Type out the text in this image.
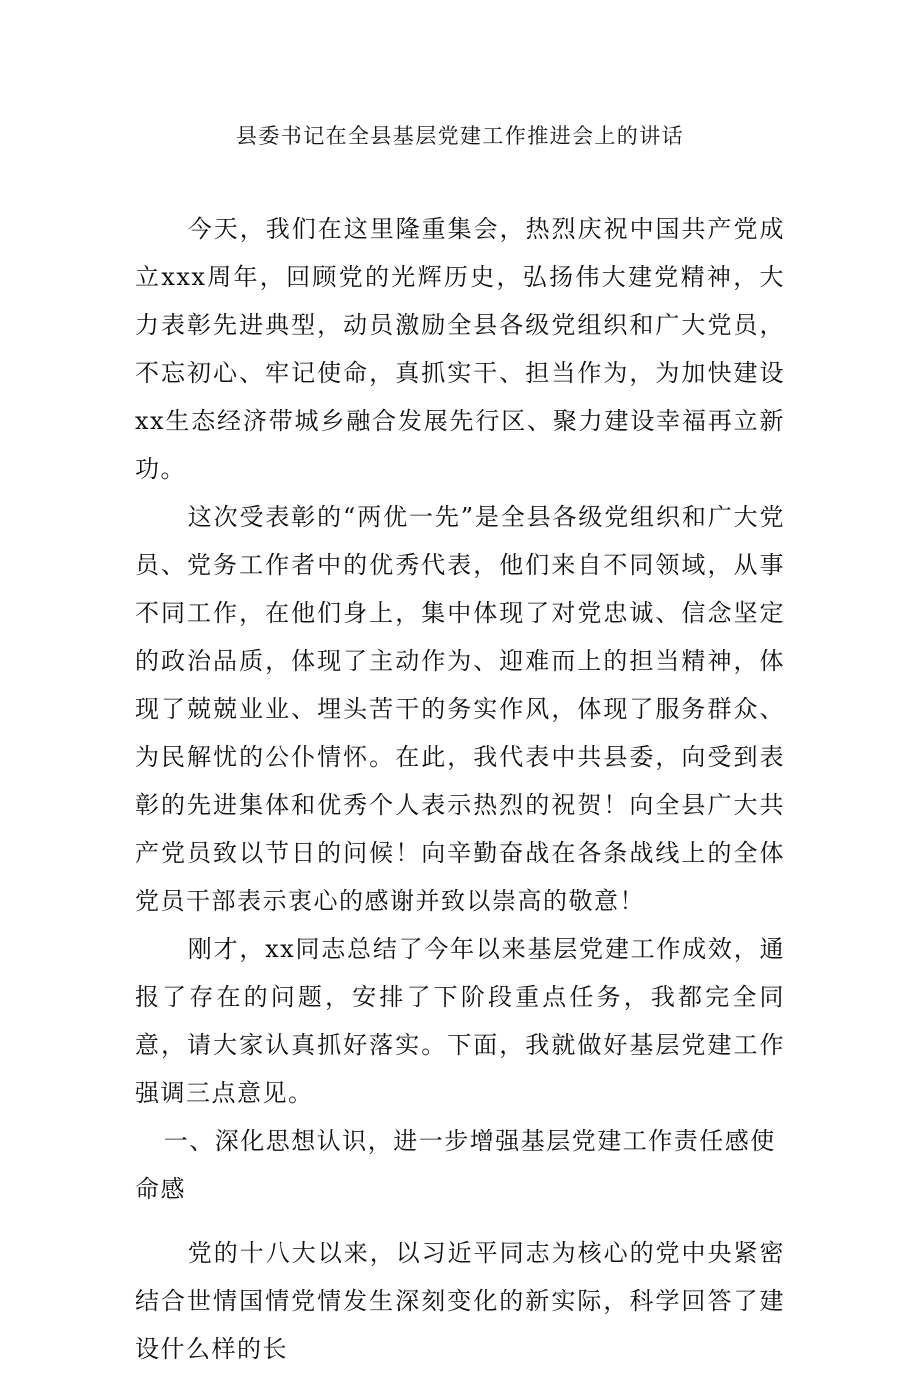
县委书记在全县基层党建工作推进会上的讲话

今天，我们在这里隆重集会，热烈庆祝中国共产党成立xxx周年，回顾党的光辉历史，弘扬伟大建党精神，大力表彰先进典型，动员激励全县各级党组织和广大党员，不忘初心、牢记使命，真抓实干、担当作为，为加快建设xx生态经济带城乡融合发展先行区、聚力建设幸福再立新功。

这次受表彰的“两优一先”是全县各级党组织和广大党员、党务工作者中的优秀代表，他们来自不同领域，从事不同工作，在他们身上，集中体现了对党忠诚、信念坚定的政治品质，体现了主动作为、迎难而上的担当精神，体现了兢兢业业、埋头苦干的务实作风，体现了服务群众、为民解忧的公仆情怀。在此，我代表中共县委，向受到表彰的先进集体和优秀个人表示热烈的祝贺！向全县广大共产党员致以节日的问候！向辛勤奋战在各条战线上的全体党员干部表示衷心的感谢并致以崇高的敬意！

刚才，xx同志总结了今年以来基层党建工作成效，通报了存在的问题，安排了下阶段重点任务，我都完全同意，请大家认真抓好落实。下面，我就做好基层党建工作强调三点意见。

一、深化思想认识，进一步增强基层党建工作责任感使命感

党的十八大以来，以习近平同志为核心的党中央紧密结合世情国情党情发生深刻变化的新实际，科学回答了建设什么样的长
